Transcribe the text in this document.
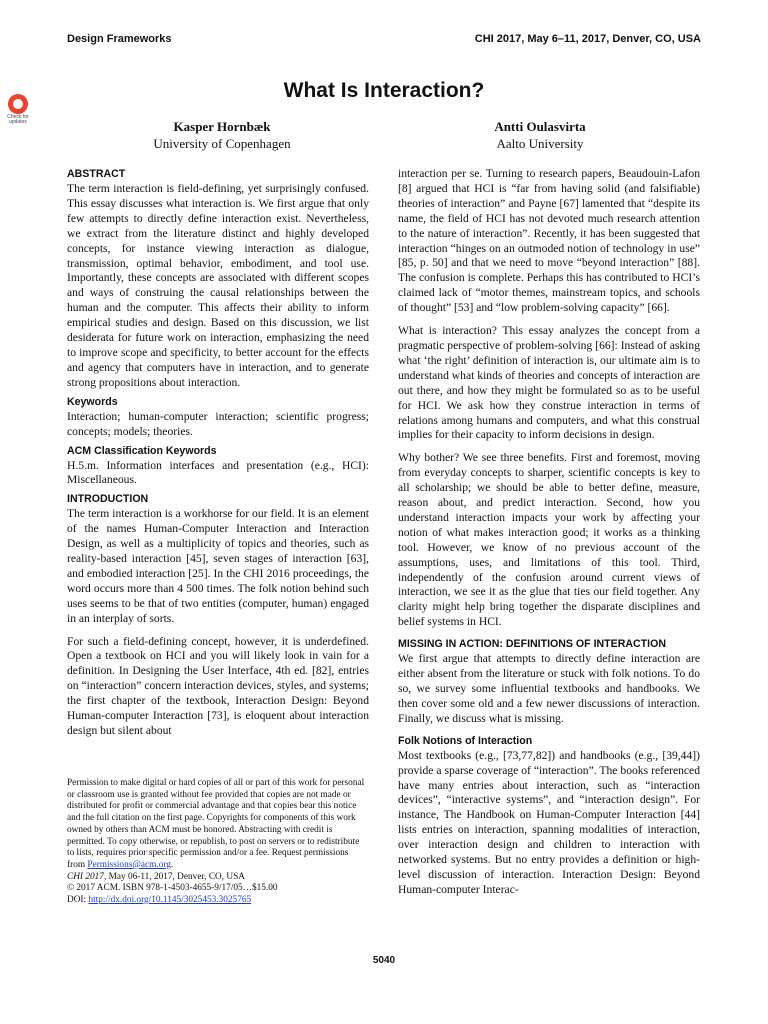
Design Frameworks	CHI 2017, May 6–11, 2017, Denver, CO, USA
Check for updates
What Is Interaction?
Kasper Hornbæk
University of Copenhagen
Antti Oulasvirta
Aalto University
ABSTRACT

The term interaction is field-defining, yet surprisingly confused. This essay discusses what interaction is. We first argue that only few attempts to directly define interaction exist. Nevertheless, we extract from the literature distinct and highly developed concepts, for instance viewing interaction as dialogue, transmission, optimal behavior, embodiment, and tool use. Importantly, these concepts are associated with different scopes and ways of construing the causal relationships between the human and the computer. This affects their ability to inform empirical studies and design. Based on this discussion, we list desiderata for future work on interaction, emphasizing the need to improve scope and specificity, to better account for the effects and agency that computers have in interaction, and to generate strong propositions about interaction.

Keywords

Interaction; human-computer interaction; scientific progress; concepts; models; theories.

ACM Classification Keywords

H.5.m. Information interfaces and presentation (e.g., HCI): Miscellaneous.

INTRODUCTION

The term interaction is a workhorse for our field. It is an element of the names Human-Computer Interaction and Interaction Design, as well as a multiplicity of topics and theories, such as reality-based interaction [45], seven stages of interaction [63], and embodied interaction [25]. In the CHI 2016 proceedings, the word occurs more than 4 500 times. The folk notion behind such uses seems to be that of two entities (computer, human) engaged in an interplay of sorts.

For such a field-defining concept, however, it is underdefined. Open a textbook on HCI and you will likely look in vain for a definition. In Designing the User Interface, 4th ed. [82], entries on “interaction” concern interaction devices, styles, and systems; the first chapter of the textbook, Interaction Design: Beyond Human-computer Interaction [73], is eloquent about interaction design but silent about

Permission to make digital or hard copies of all or part of this work for personal or classroom use is granted without fee provided that copies are not made or distributed for profit or commercial advantage and that copies bear this notice and the full citation on the first page. Copyrights for components of this work owned by others than ACM must be honored. Abstracting with credit is permitted. To copy otherwise, or republish, to post on servers or to redistribute to lists, requires prior specific permission and/or a fee. Request permissions from Permissions@acm.org.
CHI 2017, May 06-11, 2017, Denver, CO, USA
© 2017 ACM. ISBN 978-1-4503-4655-9/17/05…$15.00
DOI: http://dx.doi.org/10.1145/3025453.3025765

interaction per se. Turning to research papers, Beaudouin-Lafon [8] argued that HCI is “far from having solid (and falsifiable) theories of interaction” and Payne [67] lamented that “despite its name, the field of HCI has not devoted much research attention to the nature of interaction”. Recently, it has been suggested that interaction “hinges on an outmoded notion of technology in use” [85, p. 50] and that we need to move “beyond interaction” [88]. The confusion is complete. Perhaps this has contributed to HCI’s claimed lack of “motor themes, mainstream topics, and schools of thought” [53] and “low problem-solving capacity” [66].

What is interaction? This essay analyzes the concept from a pragmatic perspective of problem-solving [66]: Instead of asking what ‘the right’ definition of interaction is, our ultimate aim is to understand what kinds of theories and concepts of interaction are out there, and how they might be formulated so as to be useful for HCI. We ask how they construe interaction in terms of relations among humans and computers, and what this construal implies for their capacity to inform decisions in design.

Why bother? We see three benefits. First and foremost, moving from everyday concepts to sharper, scientific concepts is key to all scholarship; we should be able to better define, measure, reason about, and predict interaction. Second, how you understand interaction impacts your work by affecting your notion of what makes interaction good; it works as a thinking tool. However, we know of no previous account of the assumptions, uses, and limitations of this tool. Third, independently of the confusion around current views of interaction, we see it as the glue that ties our field together. Any clarity might help bring together the disparate disciplines and belief systems in HCI.

MISSING IN ACTION: DEFINITIONS OF INTERACTION

We first argue that attempts to directly define interaction are either absent from the literature or stuck with folk notions. To do so, we survey some influential textbooks and handbooks. We then cover some old and a few newer discussions of interaction. Finally, we discuss what is missing.

Folk Notions of Interaction

Most textbooks (e.g., [73,77,82]) and handbooks (e.g., [39,44]) provide a sparse coverage of “interaction”. The books referenced have many entries about interaction, such as “interaction devices”, “interactive systems”, and “interaction design”. For instance, The Handbook on Human-Computer Interaction [44] lists entries on interaction, spanning modalities of interaction, over interaction design and children to interaction with networked systems. But no entry provides a definition or high-level discussion of interaction. Interaction Design: Beyond Human-computer Interac-

5040
